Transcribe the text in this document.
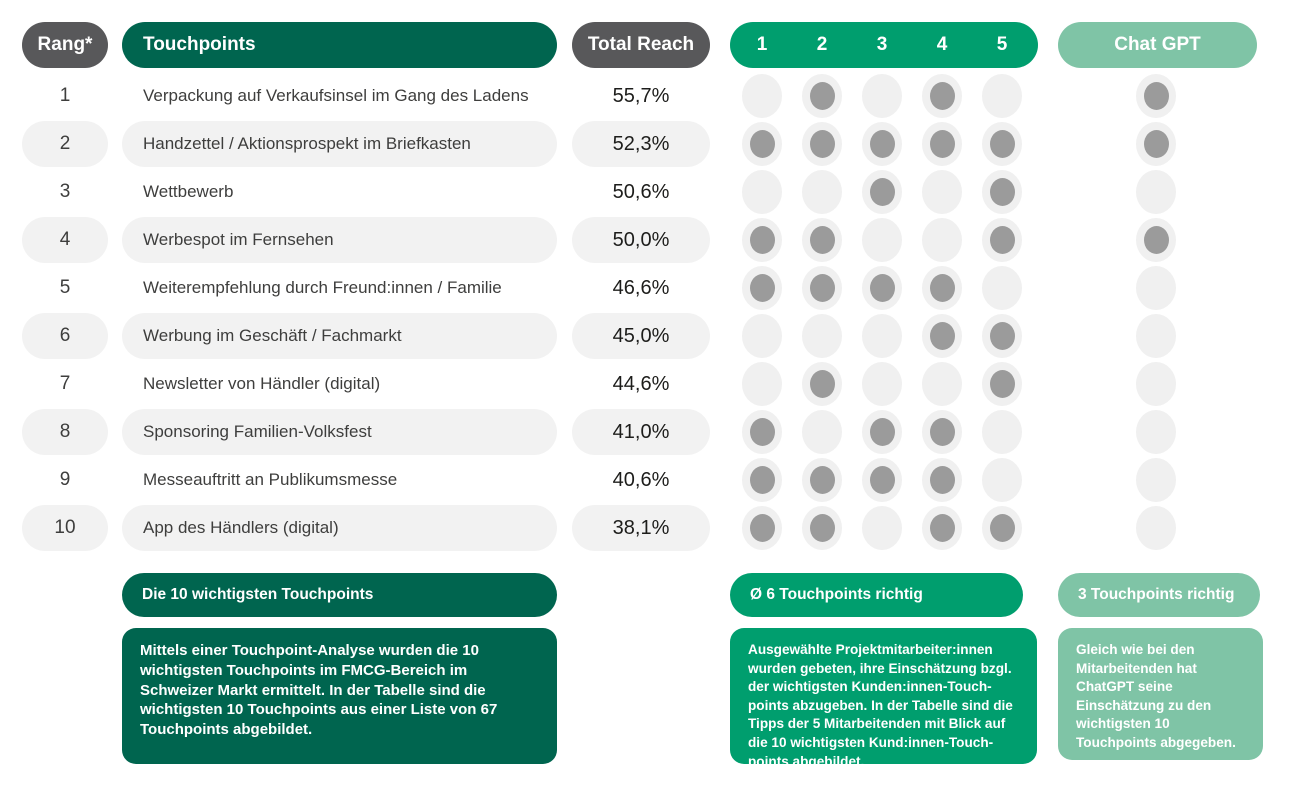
Rang*	Touchpoints	Total Reach	1	2	3	4	5	Chat GPT
1	Verpackung auf Verkaufsinsel im Gang des Ladens	55,7%
2	Handzettel / Aktionsprospekt im Briefkasten	52,3%
3	Wettbewerb	50,6%
4	Werbespot im Fernsehen	50,0%
5	Weiterempfehlung durch Freund:innen / Familie	46,6%
6	Werbung im Geschäft / Fachmarkt	45,0%
7	Newsletter von Händler (digital)	44,6%
8	Sponsoring Familien-Volksfest	41,0%
9	Messeauftritt an Publikumsmesse	40,6%
10	App des Händlers (digital)	38,1%
Die 10 wichtigsten Touchpoints
Mittels einer Touchpoint-Analyse wurden die 10 wichtigsten Touchpoints im FMCG-Bereich im Schweizer Markt ermittelt. In der Tabelle sind die wichtigsten 10 Touchpoints aus einer Liste von 67 Touchpoints abgebildet.
Ø 6 Touchpoints richtig
Ausgewählte Projektmitarbeiter:innen wurden gebeten, ihre Einschätzung bzgl. der wichtigsten Kunden:innen-Touch-points abzugeben. In der Tabelle sind die Tipps der 5 Mitarbeitenden mit Blick auf die 10 wichtigsten Kund:innen-Touch-points abgebildet.
3 Touchpoints richtig
Gleich wie bei den Mitarbeitenden hat ChatGPT seine Einschätzung zu den wichtigsten 10 Touchpoints abgegeben.
